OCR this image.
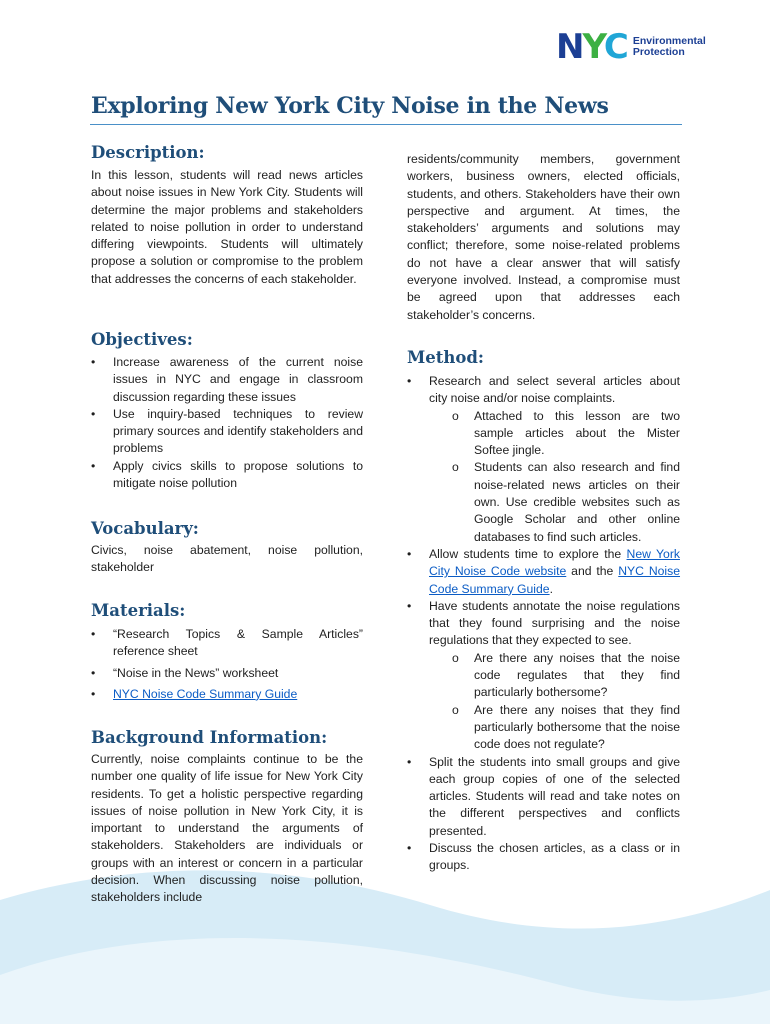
NYC Environmental
Protection
Exploring New York City Noise in the News
Description:

In this lesson, students will read news articles about noise issues in New York City. Students will determine the major problems and stakeholders related to noise pollution in order to understand differing viewpoints. Students will ultimately propose a solution or compromise to the problem that addresses the concerns of each stakeholder.

Objectives:
• Increase awareness of the current noise issues in NYC and engage in classroom discussion regarding these issues
• Use inquiry-based techniques to review primary sources and identify stakeholders and problems
• Apply civics skills to propose solutions to mitigate noise pollution
Vocabulary:

Civics, noise abatement, noise pollution, stakeholder

Materials:
• “Research Topics & Sample Articles” reference sheet
• “Noise in the News” worksheet
• NYC Noise Code Summary Guide
Background Information:

Currently, noise complaints continue to be the number one quality of life issue for New York City residents. To get a holistic perspective regarding issues of noise pollution in New York City, it is important to understand the arguments of stakeholders. Stakeholders are individuals or groups with an interest or concern in a particular decision. When discussing noise pollution, stakeholders include

residents/community members, government workers, business owners, elected officials, students, and others. Stakeholders have their own perspective and argument. At times, the stakeholders’ arguments and solutions may conflict; therefore, some noise-related problems do not have a clear answer that will satisfy everyone involved. Instead, a compromise must be agreed upon that addresses each stakeholder’s concerns.

Method:
• Research and select several articles about city noise and/or noise complaints.
o Attached to this lesson are two sample articles about the Mister Softee jingle.
o Students can also research and find noise-related news articles on their own. Use credible websites such as Google Scholar and other online databases to find such articles.
• Allow students time to explore the New York City Noise Code website and the NYC Noise Code Summary Guide.
• Have students annotate the noise regulations that they found surprising and the noise regulations that they expected to see.
o Are there any noises that the noise code regulates that they find particularly bothersome?
o Are there any noises that they find particularly bothersome that the noise code does not regulate?
• Split the students into small groups and give each group copies of one of the selected articles. Students will read and take notes on the different perspectives and conflicts presented.
• Discuss the chosen articles, as a class or in groups.
